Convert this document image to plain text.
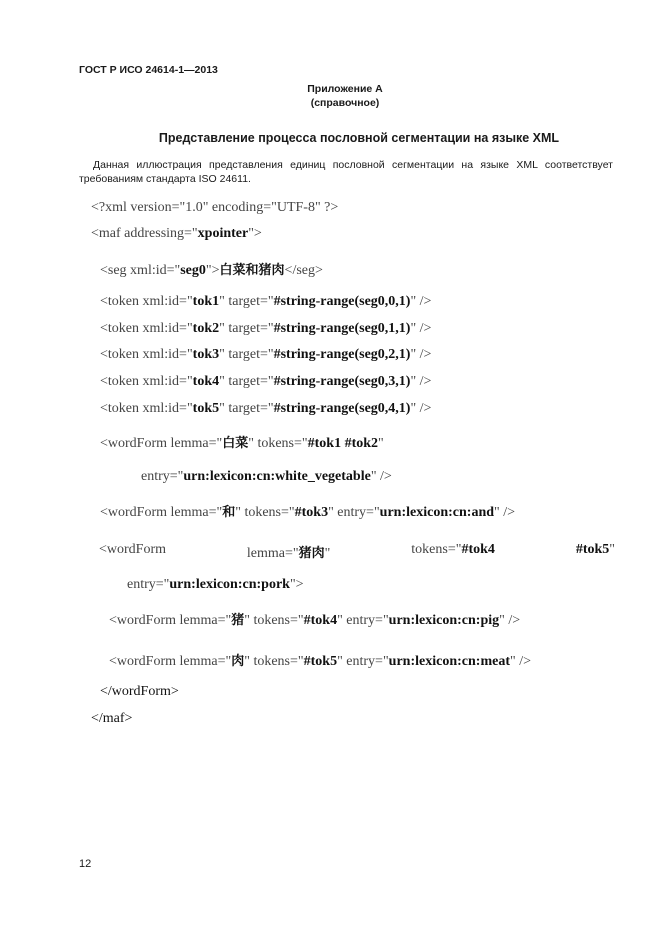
ГОСТ Р ИСО 24614-1—2013
Приложение А
(справочное)
Представление процесса пословной сегментации на языке XML
Данная иллюстрация представления единиц пословной сегментации на языке XML соответствует требованиям стандарта ISO 24611.
<?xml version="1.0" encoding="UTF-8" ?>
<maf addressing="xpointer">
<seg xml:id="seg0">白菜和猪肉</seg>
<token xml:id="tok1" target="#string-range(seg0,0,1)" />
<token xml:id="tok2" target="#string-range(seg0,1,1)" />
<token xml:id="tok3" target="#string-range(seg0,2,1)" />
<token xml:id="tok4" target="#string-range(seg0,3,1)" />
<token xml:id="tok5" target="#string-range(seg0,4,1)" />
<wordForm lemma="白菜" tokens="#tok1 #tok2"
entry="urn:lexicon:cn:white_vegetable" />
<wordForm lemma="和" tokens="#tok3" entry="urn:lexicon:cn:and" />
<wordForm	lemma="猪肉"	tokens="#tok4	#tok5"
entry="urn:lexicon:cn:pork">
<wordForm lemma="猪" tokens="#tok4" entry="urn:lexicon:cn:pig" />
<wordForm lemma="肉" tokens="#tok5" entry="urn:lexicon:cn:meat" />
</wordForm>
</maf>
12
